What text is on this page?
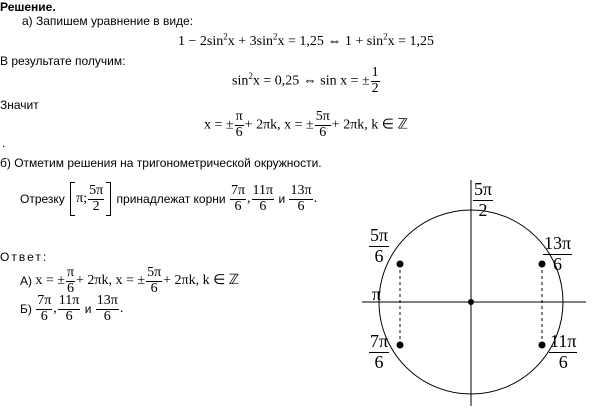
Решение.
а) Запишем уравнение в виде:
$1 - 2\sin^2x + 3\sin^2x = 1,25$ ⇔ $1 + \sin^2x = 1,25$
В результате получим:
$\sin^2x = 0,25$ ⇔ sin x = ± $\frac{1}{2}$
Значит
x = ± $\frac{\pi}{6} + 2\pi k$, x = ± $\frac{5\pi}{6} + 2\pi k$, k ∈ ℤ
.
б) Отметим решения на тригонометрической окружности.
Отрезку π; $\frac{5\pi}{2}$ принадлежат корни $\frac{7\pi}{6}$ , $\frac{11\pi}{6}$ и $\frac{13\pi}{6}$ .
Ответ:
А) x = ± $\frac{\pi}{6} + 2\pi k$, x = ± $\frac{5\pi}{6} + 2\pi k$, k ∈ ℤ
$Б) \frac{7\pi}{6}$ , $\frac{11\pi}{6}$ и $\frac{13\pi}{6}$ .
$\frac{5\pi}{2}$
$\frac{5\pi}{6}$	$\frac{13\pi}{6}$
π
$\frac{7\pi}{6}$	$\frac{11\pi}{6}$
